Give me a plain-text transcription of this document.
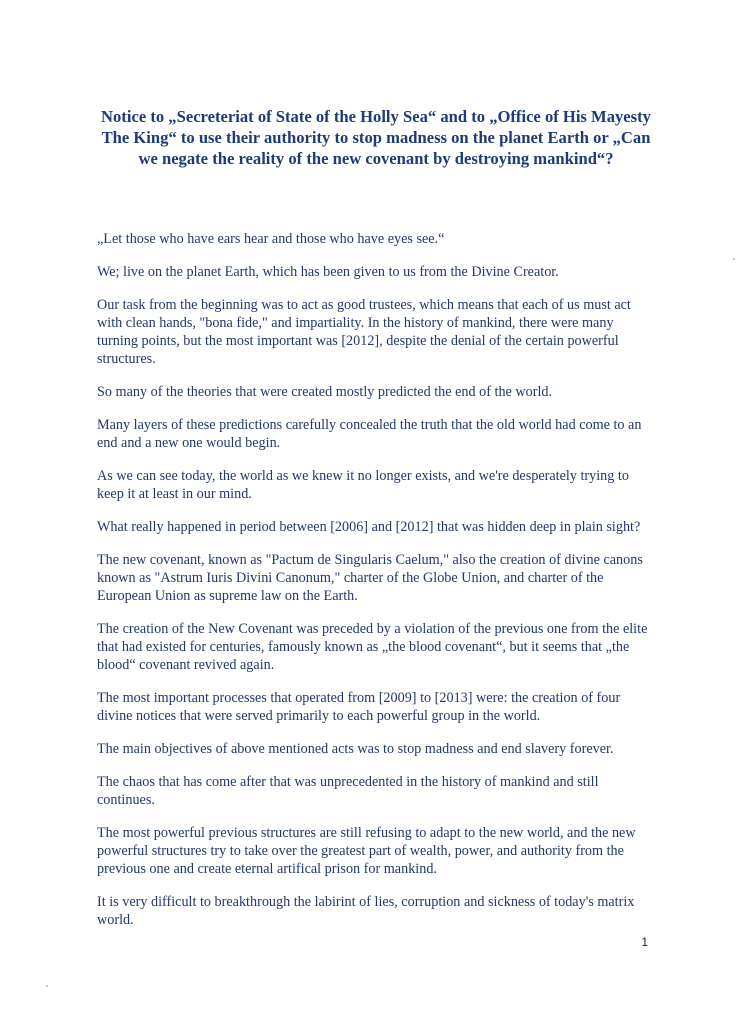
Notice to „Secreteriat of State of the Holly Sea“ and to „Office of His Mayesty The King“ to use their authority to stop madness on the planet Earth or „Can we negate the reality of the new covenant by destroying mankind“?

„Let those who have ears hear and those who have eyes see.“

We; live on the planet Earth, which has been given to us from the Divine Creator.

Our task from the beginning was to act as good trustees, which means that each of us must act with clean hands, "bona fide," and impartiality. In the history of mankind, there were many turning points, but the most important was [2012], despite the denial of the certain powerful structures.

So many of the theories that were created mostly predicted the end of the world.

Many layers of these predictions carefully concealed the truth that the old world had come to an end and a new one would begin.

As we can see today, the world as we knew it no longer exists, and we're desperately trying to keep it at least in our mind.

What really happened in period between [2006] and [2012] that was hidden deep in plain sight?

The new covenant, known as "Pactum de Singularis Caelum," also the creation of divine canons known as "Astrum Iuris Divini Canonum," charter of the Globe Union, and charter of the European Union as supreme law on the Earth.

The creation of the New Covenant was preceded by a violation of the previous one from the elite that had existed for centuries, famously known as „the blood covenant“, but it seems that „the blood“ covenant revived again.

The most important processes that operated from [2009] to [2013] were: the creation of four divine notices that were served primarily to each powerful group in the world.

The main objectives of above mentioned acts was to stop madness and end slavery forever.

The chaos that has come after that was unprecedented in the history of mankind and still continues.

The most powerful previous structures are still refusing to adapt to the new world, and the new powerful structures try to take over the greatest part of wealth, power, and authority from the previous one and create eternal artifical prison for mankind.

It is very difficult to breakthrough the labirint of lies, corruption and sickness of today's matrix world.

1
